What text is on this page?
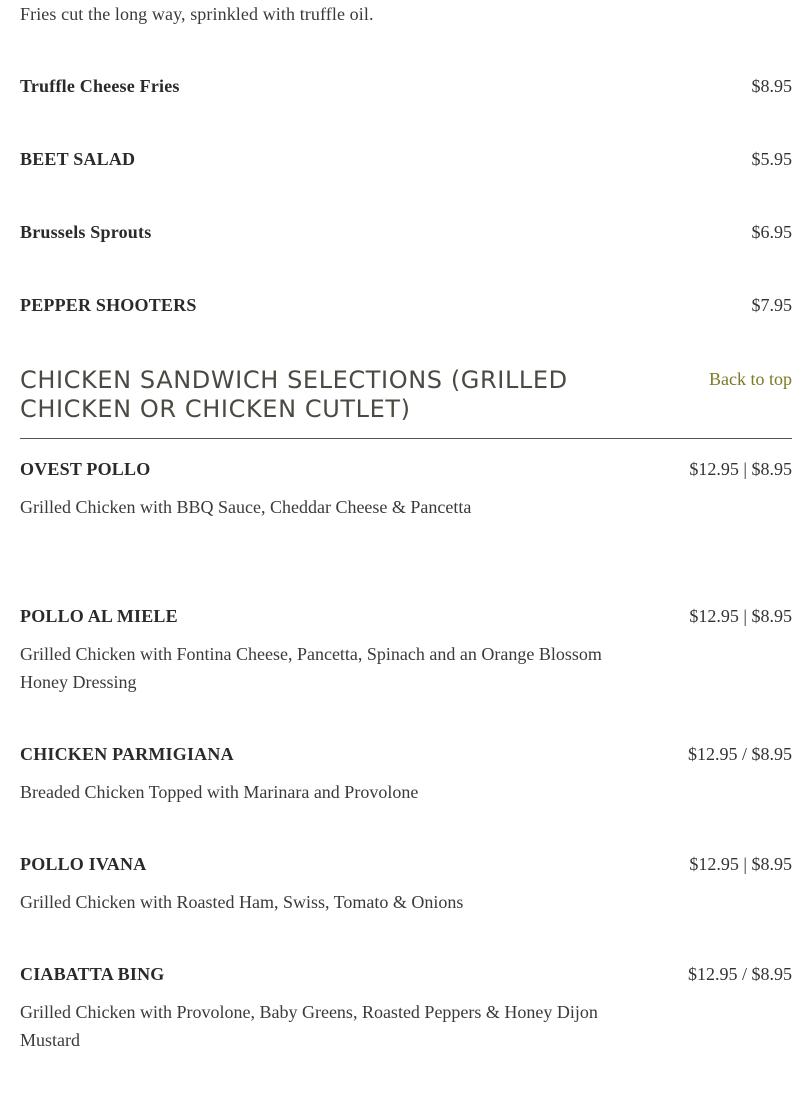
Fries cut the long way, sprinkled with truffle oil.
Truffle Cheese Fries	$8.95
BEET SALAD	$5.95
Brussels Sprouts	$6.95
PEPPER SHOOTERS	$7.95
CHICKEN SANDWICH SELECTIONS (GRILLED CHICKEN OR CHICKEN CUTLET)
Back to top
OVEST POLLO	$12.95 | $8.95
Grilled Chicken with BBQ Sauce, Cheddar Cheese & Pancetta
POLLO AL MIELE	$12.95 | $8.95
Grilled Chicken with Fontina Cheese, Pancetta, Spinach and an Orange Blossom Honey Dressing
CHICKEN PARMIGIANA	$12.95 / $8.95
Breaded Chicken Topped with Marinara and Provolone
POLLO IVANA	$12.95 | $8.95
Grilled Chicken with Roasted Ham, Swiss, Tomato & Onions
CIABATTA BING	$12.95 / $8.95
Grilled Chicken with Provolone, Baby Greens, Roasted Peppers & Honey Dijon Mustard
